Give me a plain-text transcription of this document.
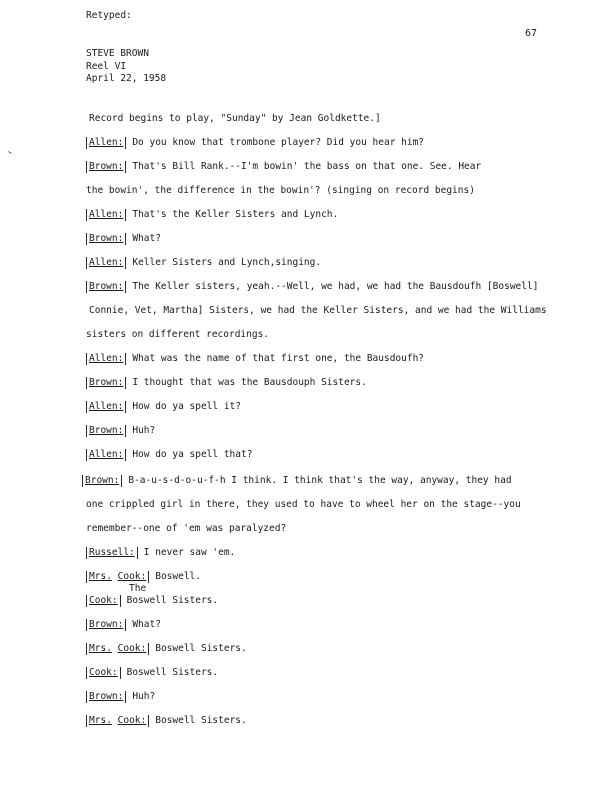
Retyped:
67
STEVE BROWN
Reel VI
April 22, 1958
Record begins to play, "Sunday" by Jean Goldkette.]
Allen: Do you know that trombone player? Did you hear him?
Brown: That's Bill Rank.--I'm bowin' the bass on that one. See. Hear
the bowin', the difference in the bowin'? (singing on record begins)
Allen: That's the Keller Sisters and Lynch.
Brown: What?
Allen: Keller Sisters and Lynch,singing.
Brown: The Keller sisters, yeah.--Well, we had, we had the Bausdoufh [Boswell]
Connie, Vet, Martha] Sisters, we had the Keller Sisters, and we had the Williams
sisters on different recordings.
Allen: What was the name of that first one, the Bausdoufh?
Brown: I thought that was the Bausdouph Sisters.
Allen: How do ya spell it?
Brown: Huh?
Allen: How do ya spell that?
Brown: B-a-u-s-d-o-u-f-h I think. I think that's the way, anyway, they had
one crippled girl in there, they used to have to wheel her on the stage--you
remember--one of 'em was paralyzed?
Russell: I never saw 'em.
Mrs. Cook: Boswell.
The
Cook: Boswell Sisters.
Brown: What?
Mrs. Cook: Boswell Sisters.
Cook: Boswell Sisters.
Brown: Huh?
Mrs. Cook: Boswell Sisters.
